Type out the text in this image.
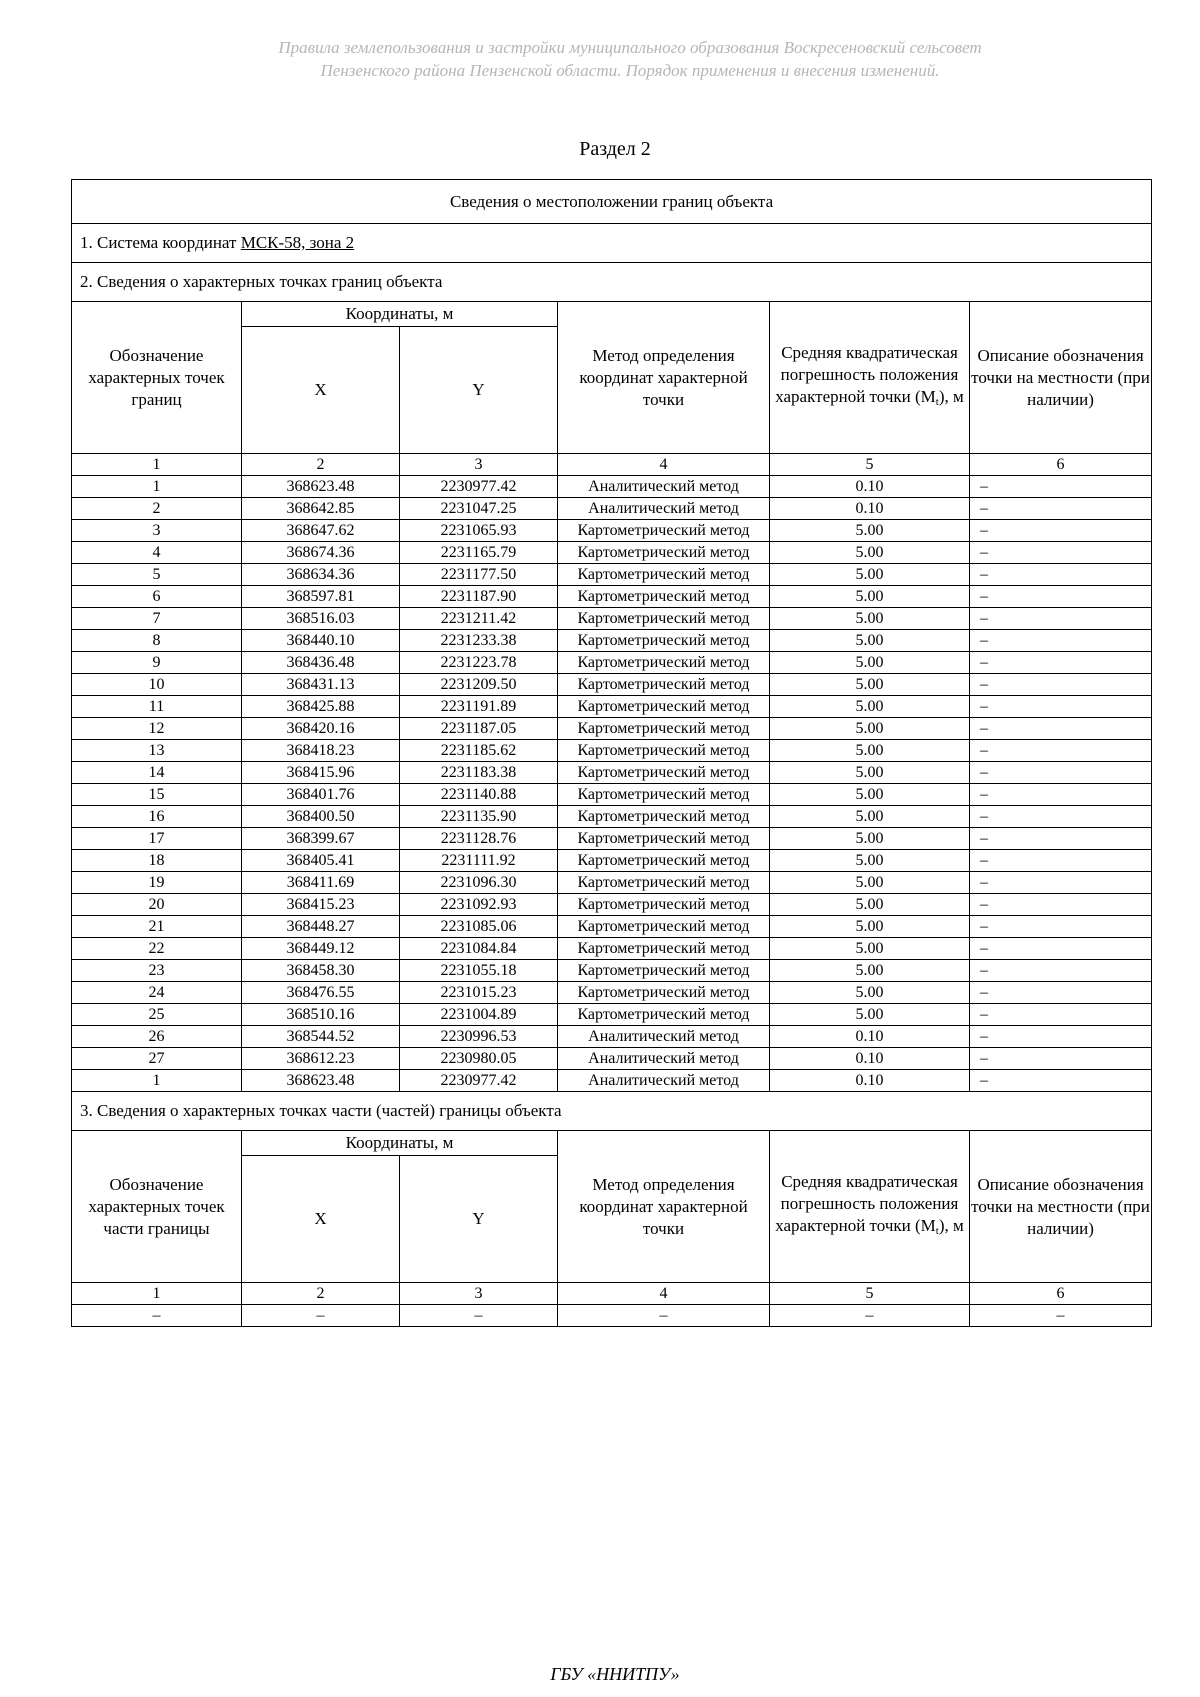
Правила землепользования и застройки муниципального образования Воскресеновский сельсовет
Пензенского района Пензенской области. Порядок применения и внесения изменений.
Раздел 2
Сведения о местоположении границ объекта					
1. Система координат МСК-58, зона 2					
2. Сведения о характерных точках границ объекта					
Обозначение характерных точек границ	Координаты, м		Метод определения координат характерной точки	Средняя квадратическая погрешность положения характерной точки $(M_t)$, м	Описание обозначения точки на местности (при наличии)
	X	Y			
1	2	3	4	5	6
1	368623.48	2230977.42	Аналитический метод	0.10	–
2	368642.85	2231047.25	Аналитический метод	0.10	–
3	368647.62	2231065.93	Картометрический метод	5.00	–
4	368674.36	2231165.79	Картометрический метод	5.00	–
5	368634.36	2231177.50	Картометрический метод	5.00	–
6	368597.81	2231187.90	Картометрический метод	5.00	–
7	368516.03	2231211.42	Картометрический метод	5.00	–
8	368440.10	2231233.38	Картометрический метод	5.00	–
9	368436.48	2231223.78	Картометрический метод	5.00	–
10	368431.13	2231209.50	Картометрический метод	5.00	–
11	368425.88	2231191.89	Картометрический метод	5.00	–
12	368420.16	2231187.05	Картометрический метод	5.00	–
13	368418.23	2231185.62	Картометрический метод	5.00	–
14	368415.96	2231183.38	Картометрический метод	5.00	–
15	368401.76	2231140.88	Картометрический метод	5.00	–
16	368400.50	2231135.90	Картометрический метод	5.00	–
17	368399.67	2231128.76	Картометрический метод	5.00	–
18	368405.41	2231111.92	Картометрический метод	5.00	–
19	368411.69	2231096.30	Картометрический метод	5.00	–
20	368415.23	2231092.93	Картометрический метод	5.00	–
21	368448.27	2231085.06	Картометрический метод	5.00	–
22	368449.12	2231084.84	Картометрический метод	5.00	–
23	368458.30	2231055.18	Картометрический метод	5.00	–
24	368476.55	2231015.23	Картометрический метод	5.00	–
25	368510.16	2231004.89	Картометрический метод	5.00	–
26	368544.52	2230996.53	Аналитический метод	0.10	–
27	368612.23	2230980.05	Аналитический метод	0.10	–
1	368623.48	2230977.42	Аналитический метод	0.10	–
3. Сведения о характерных точках части (частей) границы объекта					
Обозначение характерных точек части границы	Координаты, м		Метод определения координат характерной точки	Средняя квадратическая погрешность положения характерной точки $(M_t)$, м	Описание обозначения точки на местности (при наличии)
	X	Y			
1	2	3	4	5	6
–	–	–	–	–	–
ГБУ «ННИТПУ»
